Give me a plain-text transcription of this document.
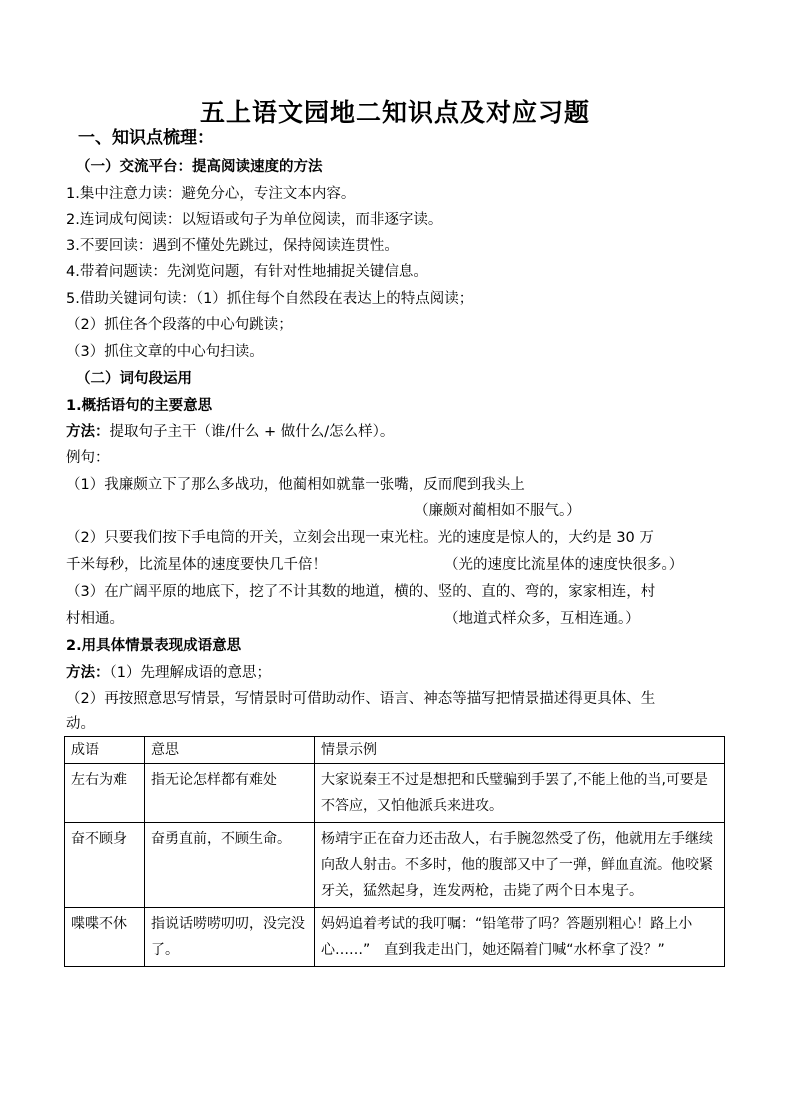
五上语文园地二知识点及对应习题
一、知识点梳理：
（一）交流平台：提高阅读速度的方法
1.集中注意力读：避免分心，专注文本内容。
2.连词成句阅读：以短语或句子为单位阅读，而非逐字读。
3.不要回读：遇到不懂处先跳过，保持阅读连贯性。
4.带着问题读：先浏览问题，有针对性地捕捉关键信息。
5.借助关键词句读：（1）抓住每个自然段在表达上的特点阅读；
（2）抓住各个段落的中心句跳读；
（3）抓住文章的中心句扫读。
（二）词句段运用
1.概括语句的主要意思
方法：提取句子主干（谁/什么 + 做什么/怎么样）。
例句：
（1）我廉颇立下了那么多战功，他蔺相如就靠一张嘴，反而爬到我头上
（廉颇对蔺相如不服气。）
（2）只要我们按下手电筒的开关，立刻会出现一束光柱。光的速度是惊人的，大约是 30 万
千米每秒，比流星体的速度要快几千倍！	（光的速度比流星体的速度快很多。）
（3）在广阔平原的地底下，挖了不计其数的地道，横的、竖的、直的、弯的，家家相连，村
村相通。	（地道式样众多，互相连通。）
2.用具体情景表现成语意思
方法：（1）先理解成语的意思；
（2）再按照意思写情景，写情景时可借助动作、语言、神态等描写把情景描述得更具体、生
动。
成语	意思	情景示例
左右为难	指无论怎样都有难处	大家说秦王不过是想把和氏璧骗到手罢了,不能上他的当,可要是不答应，又怕他派兵来进攻。
奋不顾身	奋勇直前，不顾生命。	杨靖宇正在奋力还击敌人，右手腕忽然受了伤，他就用左手继续向敌人射击。不多时，他的腹部又中了一弹，鲜血直流。他咬紧牙关，猛然起身，连发两枪，击毙了两个日本鬼子。
喋喋不休	指说话唠唠叨叨，没完没了。	妈妈追着考试的我叮嘱：“铅笔带了吗？答题别粗心！路上小心……”　直到我走出门，她还隔着门喊“水杯拿了没？”
